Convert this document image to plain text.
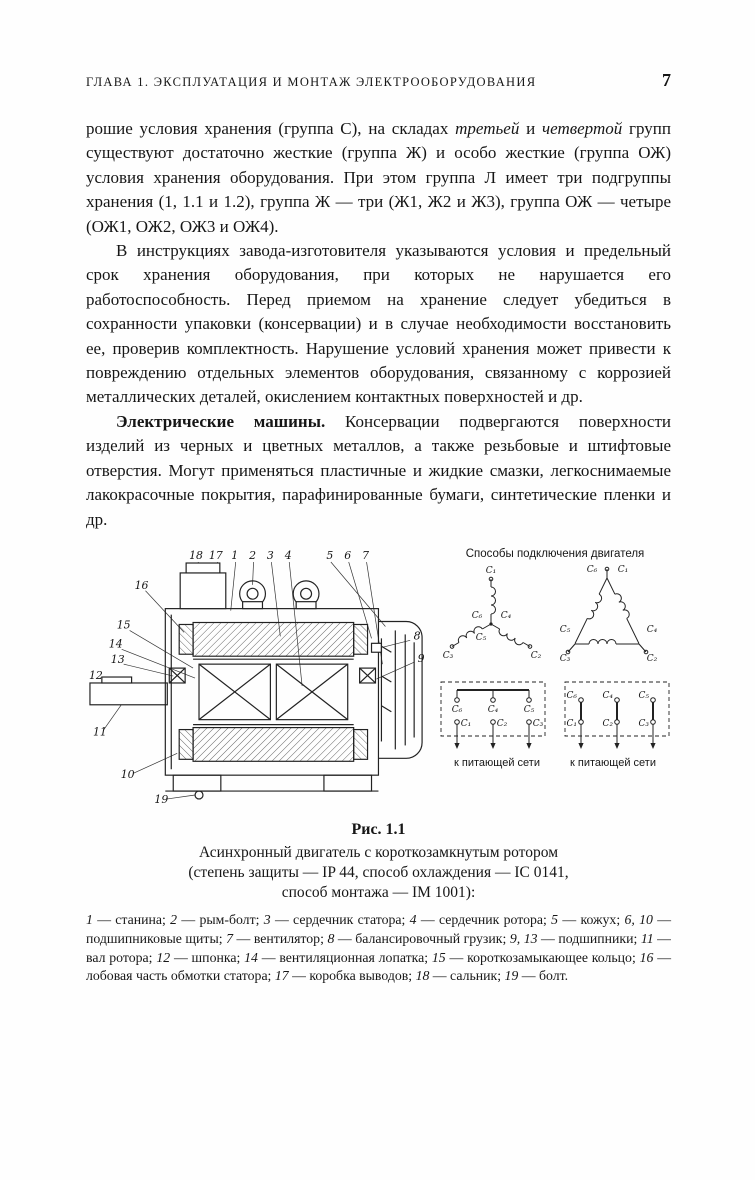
ГЛАВА 1. ЭКСПЛУАТАЦИЯ И МОНТАЖ ЭЛЕКТРООБОРУДОВАНИЯ	7

рошие условия хранения (группа С), на складах третьей и четвертой групп существуют достаточно жесткие (группа Ж) и особо жесткие (группа ОЖ) условия хранения оборудования. При этом группа Л имеет три подгруппы хранения (1, 1.1 и 1.2), группа Ж — три (Ж1, Ж2 и Ж3), группа ОЖ — четыре (ОЖ1, ОЖ2, ОЖ3 и ОЖ4).

В инструкциях завода-изготовителя указываются условия и предельный срок хранения оборудования, при которых не нарушается его работоспособность. Перед приемом на хранение следует убедиться в сохранности упаковки (консервации) и в случае необходимости восстановить ее, проверив комплектность. Нарушение условий хранения может привести к повреждению отдельных элементов оборудования, связанному с коррозией металлических деталей, окислением контактных поверхностей и др.

Электрические машины. Консервации подвергаются поверхности изделий из черных и цветных металлов, а также резьбовые и штифтовые отверстия. Могут применяться пластичные и жидкие смазки, легкоснимаемые лакокрасочные покрытия, парафинированные бумаги, синтетические пленки и др.

18 17 1 2 3 4	5 6 7
16
15
14
13
12
11
10
19
8
9
Способы подключения двигателя
C₁
C₆ C₄
C₅
C₃	C₂
C₆ C₁
C₅
C₃
C₄
C₂
C₆	C₄	C₅
C₁	C₂	C₃
C₆	C₄	C₅
C₁	C₂	C₃
к питающей сети	к питающей сети
Рис. 1.1
Асинхронный двигатель с короткозамкнутым ротором
(степень защиты — IP 44, способ охлаждения — IC 0141,
способ монтажа — IM 1001):
1 — станина; 2 — рым-болт; 3 — сердечник статора; 4 — сердечник ротора; 5 — кожух; 6, 10 — подшипниковые щиты; 7 — вентилятор; 8 — балансировочный грузик; 9, 13 — подшипники; 11 — вал ротора; 12 — шпонка; 14 — вентиляционная лопатка; 15 — короткозамыкающее кольцо; 16 — лобовая часть обмотки статора; 17 — коробка выводов; 18 — сальник; 19 — болт.
